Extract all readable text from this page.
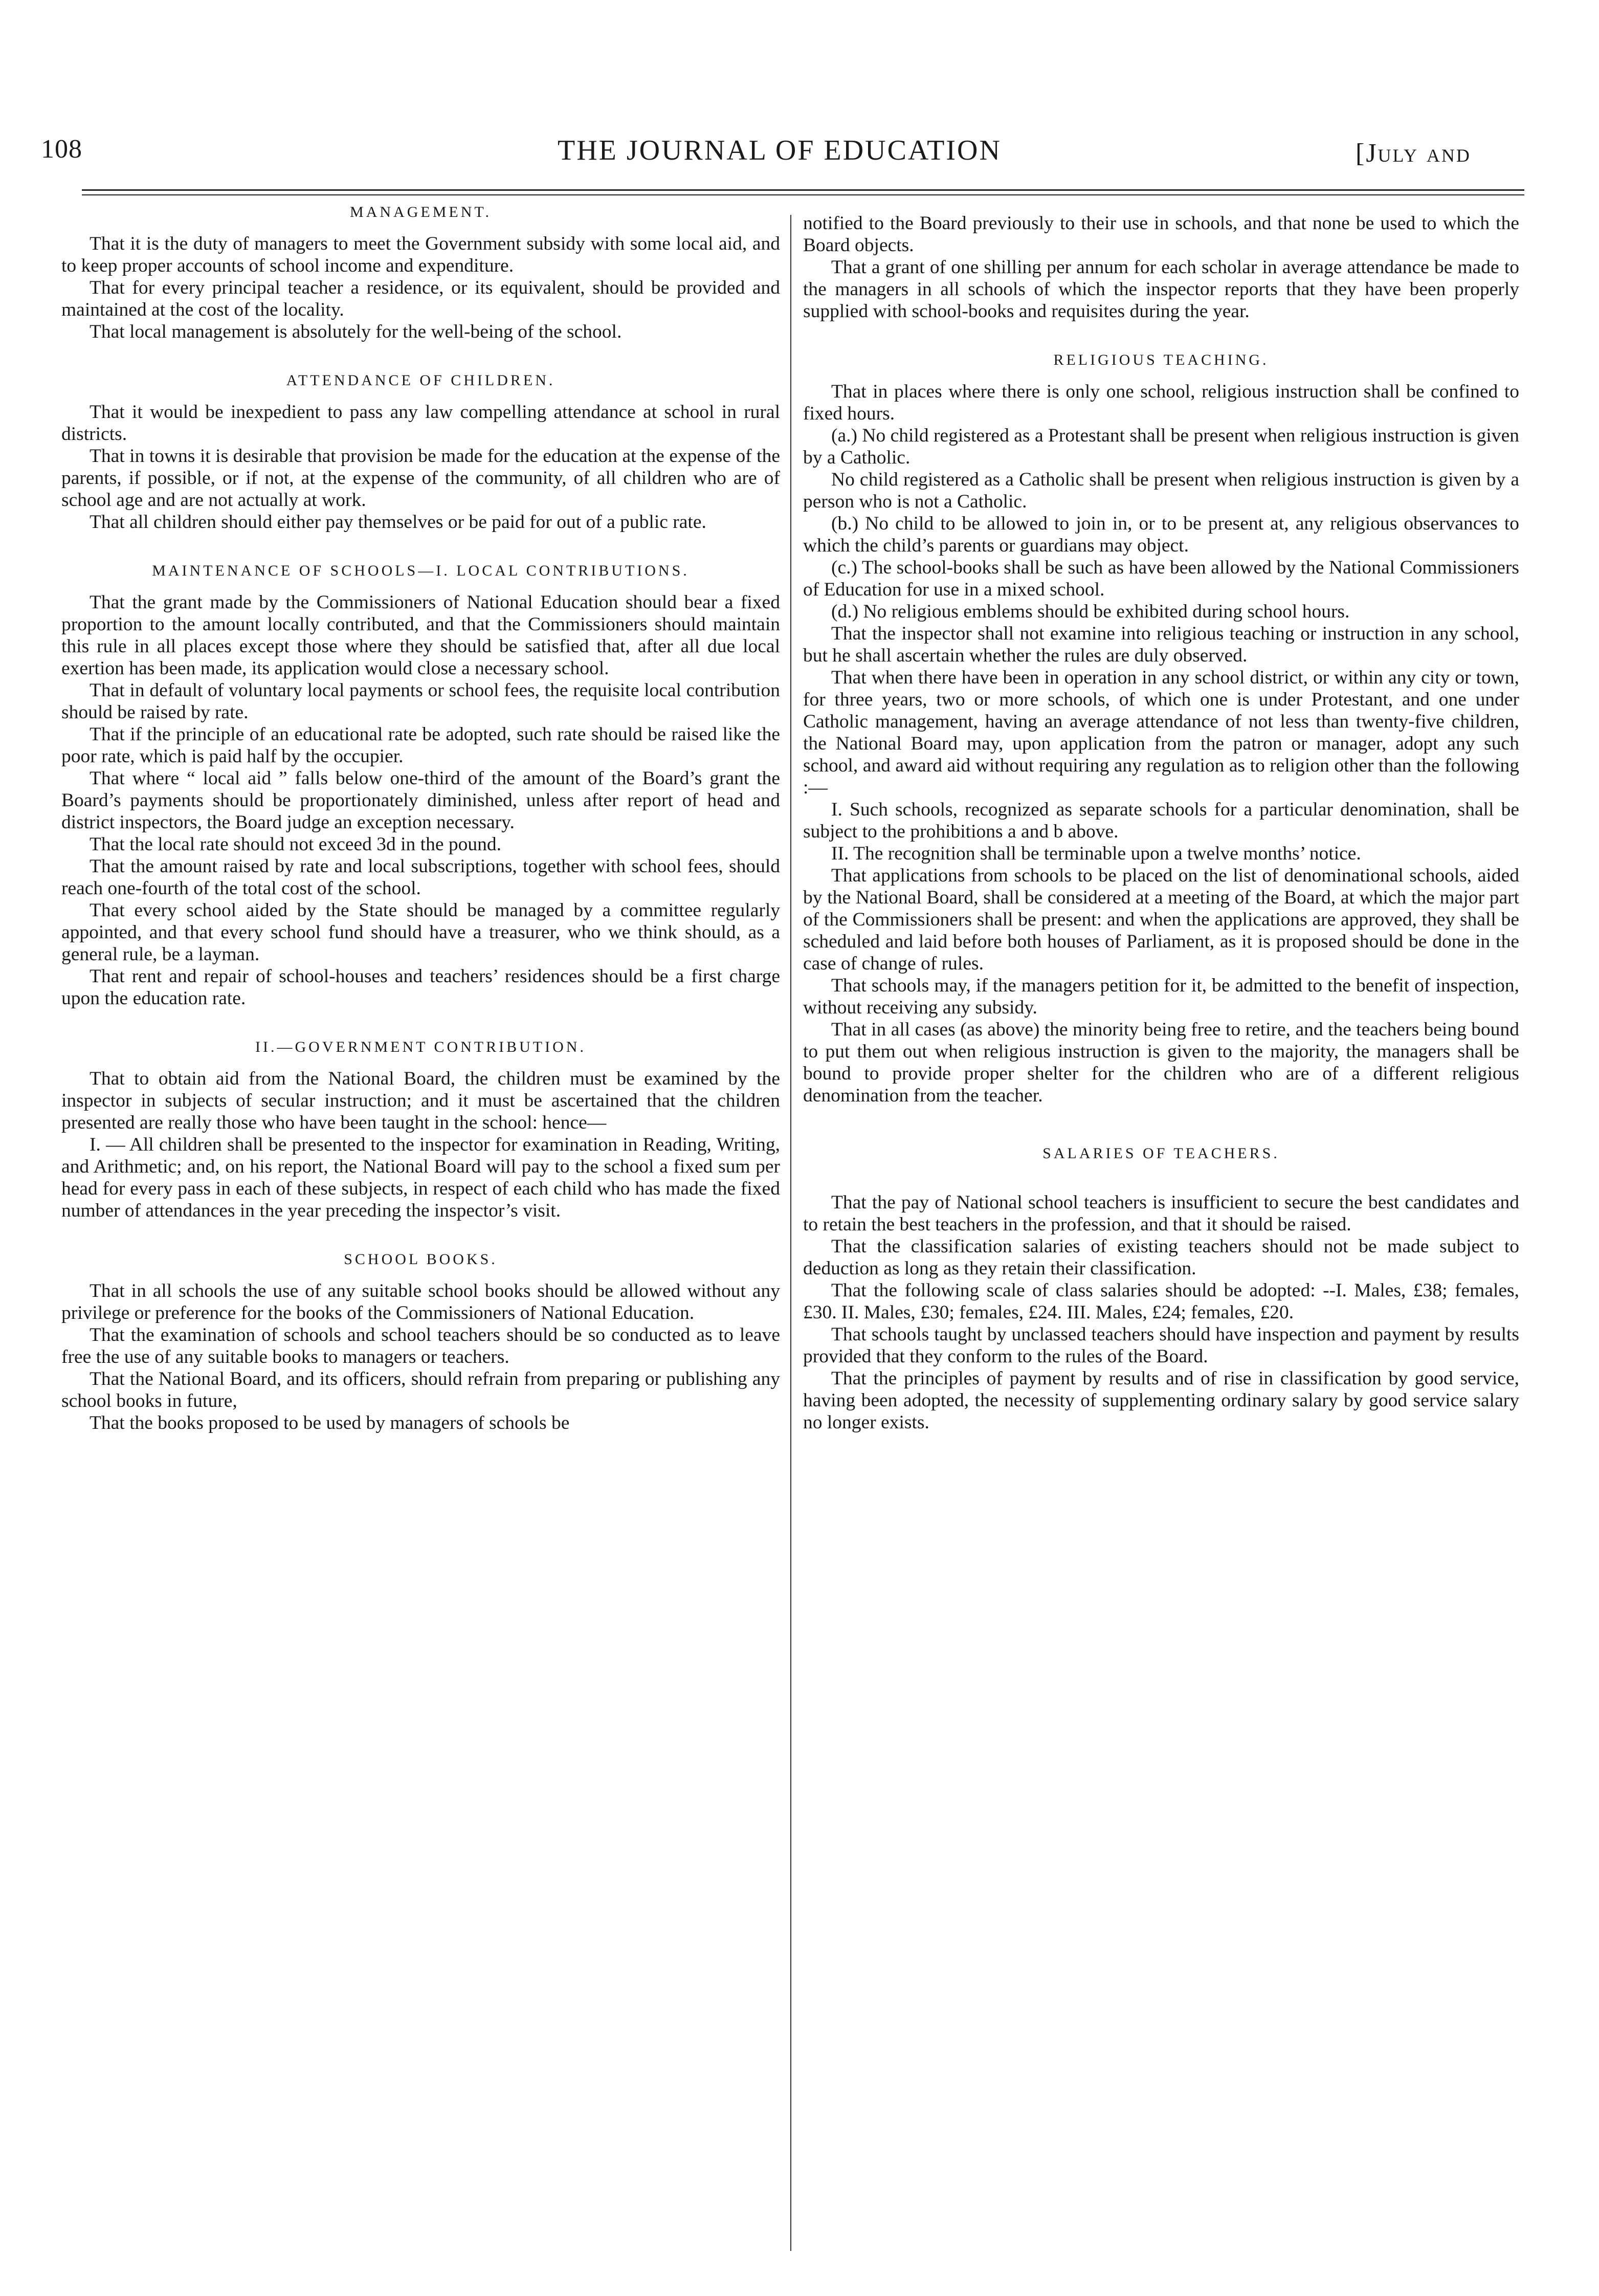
108	THE JOURNAL OF EDUCATION	[July and

MANAGEMENT.

That it is the duty of managers to meet the Government subsidy with some local aid, and to keep proper accounts of school income and expenditure.

That for every principal teacher a residence, or its equivalent, should be provided and maintained at the cost of the locality.

That local management is absolutely for the well-being of the school.

ATTENDANCE OF CHILDREN.

That it would be inexpedient to pass any law compelling attendance at school in rural districts.

That in towns it is desirable that provision be made for the education at the expense of the parents, if possible, or if not, at the expense of the community, of all children who are of school age and are not actually at work.

That all children should either pay themselves or be paid for out of a public rate.

MAINTENANCE OF SCHOOLS—I. LOCAL CONTRIBUTIONS.

That the grant made by the Commissioners of National Education should bear a fixed proportion to the amount locally contributed, and that the Commissioners should maintain this rule in all places except those where they should be satisfied that, after all due local exertion has been made, its application would close a necessary school.

That in default of voluntary local payments or school fees, the requisite local contribution should be raised by rate.

That if the principle of an educational rate be adopted, such rate should be raised like the poor rate, which is paid half by the occupier.

That where “ local aid ” falls below one-third of the amount of the Board’s grant the Board’s payments should be proportionately diminished, unless after report of head and district inspectors, the Board judge an exception necessary.

That the local rate should not exceed 3d in the pound.

That the amount raised by rate and local subscriptions, together with school fees, should reach one-fourth of the total cost of the school.

That every school aided by the State should be managed by a committee regularly appointed, and that every school fund should have a treasurer, who we think should, as a general rule, be a layman.

That rent and repair of school-houses and teachers’ residences should be a first charge upon the education rate.

II.—GOVERNMENT CONTRIBUTION.

That to obtain aid from the National Board, the children must be examined by the inspector in subjects of secular instruction; and it must be ascertained that the children presented are really those who have been taught in the school: hence—

I. — All children shall be presented to the inspector for examination in Reading, Writing, and Arithmetic; and, on his report, the National Board will pay to the school a fixed sum per head for every pass in each of these subjects, in respect of each child who has made the fixed number of attendances in the year preceding the inspector’s visit.

SCHOOL BOOKS.

That in all schools the use of any suitable school books should be allowed without any privilege or preference for the books of the Commissioners of National Education.

That the examination of schools and school teachers should be so conducted as to leave free the use of any suitable books to managers or teachers.

That the National Board, and its officers, should refrain from preparing or publishing any school books in future,

That the books proposed to be used by managers of schools be

notified to the Board previously to their use in schools, and that none be used to which the Board objects.

That a grant of one shilling per annum for each scholar in average attendance be made to the managers in all schools of which the inspector reports that they have been properly supplied with school-books and requisites during the year.

RELIGIOUS TEACHING.

That in places where there is only one school, religious instruction shall be confined to fixed hours.

(a.) No child registered as a Protestant shall be present when religious instruction is given by a Catholic.

No child registered as a Catholic shall be present when religious instruction is given by a person who is not a Catholic.

(b.) No child to be allowed to join in, or to be present at, any religious observances to which the child’s parents or guardians may object.

(c.) The school-books shall be such as have been allowed by the National Commissioners of Education for use in a mixed school.

(d.) No religious emblems should be exhibited during school hours.

That the inspector shall not examine into religious teaching or instruction in any school, but he shall ascertain whether the rules are duly observed.

That when there have been in operation in any school district, or within any city or town, for three years, two or more schools, of which one is under Protestant, and one under Catholic management, having an average attendance of not less than twenty-five children, the National Board may, upon application from the patron or manager, adopt any such school, and award aid without requiring any regulation as to religion other than the following :—

I. Such schools, recognized as separate schools for a particular denomination, shall be subject to the prohibitions a and b above.

II. The recognition shall be terminable upon a twelve months’ notice.

That applications from schools to be placed on the list of denominational schools, aided by the National Board, shall be considered at a meeting of the Board, at which the major part of the Commissioners shall be present: and when the applications are approved, they shall be scheduled and laid before both houses of Parliament, as it is proposed should be done in the case of change of rules.

That schools may, if the managers petition for it, be admitted to the benefit of inspection, without receiving any subsidy.

That in all cases (as above) the minority being free to retire, and the teachers being bound to put them out when religious instruction is given to the majority, the managers shall be bound to provide proper shelter for the children who are of a different religious denomination from the teacher.

SALARIES OF TEACHERS.

That the pay of National school teachers is insufficient to secure the best candidates and to retain the best teachers in the profession, and that it should be raised.

That the classification salaries of existing teachers should not be made subject to deduction as long as they retain their classification.

That the following scale of class salaries should be adopted: --I. Males, £38; females, £30. II. Males, £30; females, £24. III. Males, £24; females, £20.

That schools taught by unclassed teachers should have inspection and payment by results provided that they conform to the rules of the Board.

That the principles of payment by results and of rise in classification by good service, having been adopted, the necessity of supplementing ordinary salary by good service salary no longer exists.
